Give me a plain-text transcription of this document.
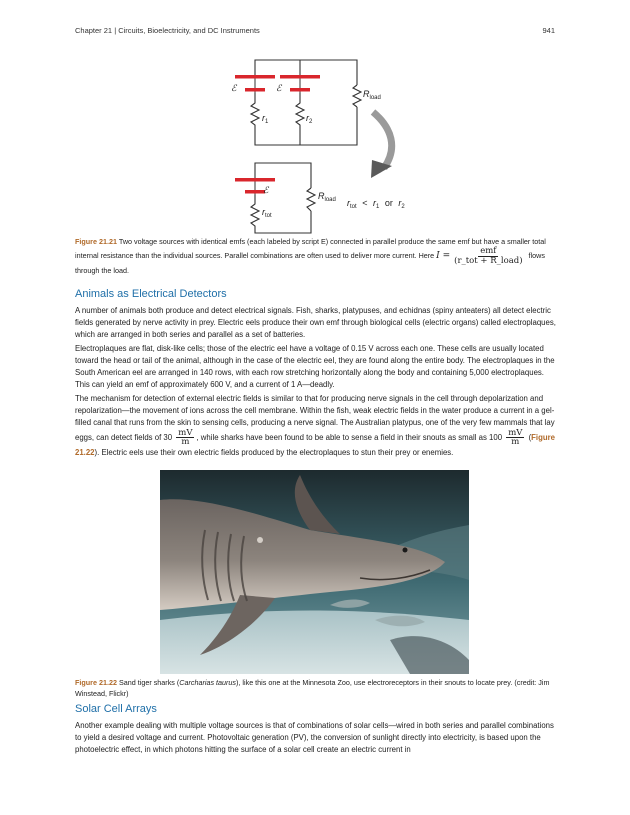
Chapter 21 | Circuits, Bioelectricity, and DC Instruments	941
ℰ	ℰ
ℰ
$r_1$	$r_2$
$R_{load}$
$r_{tot}$
$R_{load}$ $r_{tot} < r_1$ or $r_2$
Figure 21.21 Two voltage sources with identical emfs (each labeled by script E) connected in parallel produce the same emf but have a smaller total internal resistance than the individual sources. Parallel combinations are often used to deliver more current. Here $I = \frac{\text{emf}}{\text{(r\_tot + R\_load)}}$ flows through the load.
Animals as Electrical Detectors

A number of animals both produce and detect electrical signals. Fish, sharks, platypuses, and echidnas (spiny anteaters) all detect electric fields generated by nerve activity in prey. Electric eels produce their own emf through biological cells (electric organs) called electroplaques, which are arranged in both series and parallel as a set of batteries.

Electroplaques are flat, disk-like cells; those of the electric eel have a voltage of 0.15 V across each one. These cells are usually located toward the head or tail of the animal, although in the case of the electric eel, they are found along the entire body. The electroplaques in the South American eel are arranged in 140 rows, with each row stretching horizontally along the body and containing 5,000 electroplaques. This can yield an emf of approximately 600 V, and a current of 1 A—deadly.

The mechanism for detection of external electric fields is similar to that for producing nerve signals in the cell through depolarization and repolarization—the movement of ions across the cell membrane. Within the fish, weak electric fields in the water produce a current in a gel-filled canal that runs from the skin to sensing cells, producing a nerve signal. The Australian platypus, one of the very few mammals that lay eggs, can detect fields of $30 \frac{mV}{m}$ , while sharks have been found to be able to sense a field in their snouts as small as $100 \frac{mV}{m}$ (Figure 21.22). Electric eels use their own electric fields produced by the electroplaques to stun their prey or enemies.

Figure 21.22 Sand tiger sharks (Carcharias taurus), like this one at the Minnesota Zoo, use electroreceptors in their snouts to locate prey. (credit: Jim Winstead, Flickr)
Solar Cell Arrays

Another example dealing with multiple voltage sources is that of combinations of solar cells—wired in both series and parallel combinations to yield a desired voltage and current. Photovoltaic generation (PV), the conversion of sunlight directly into electricity, is based upon the photoelectric effect, in which photons hitting the surface of a solar cell create an electric current in
